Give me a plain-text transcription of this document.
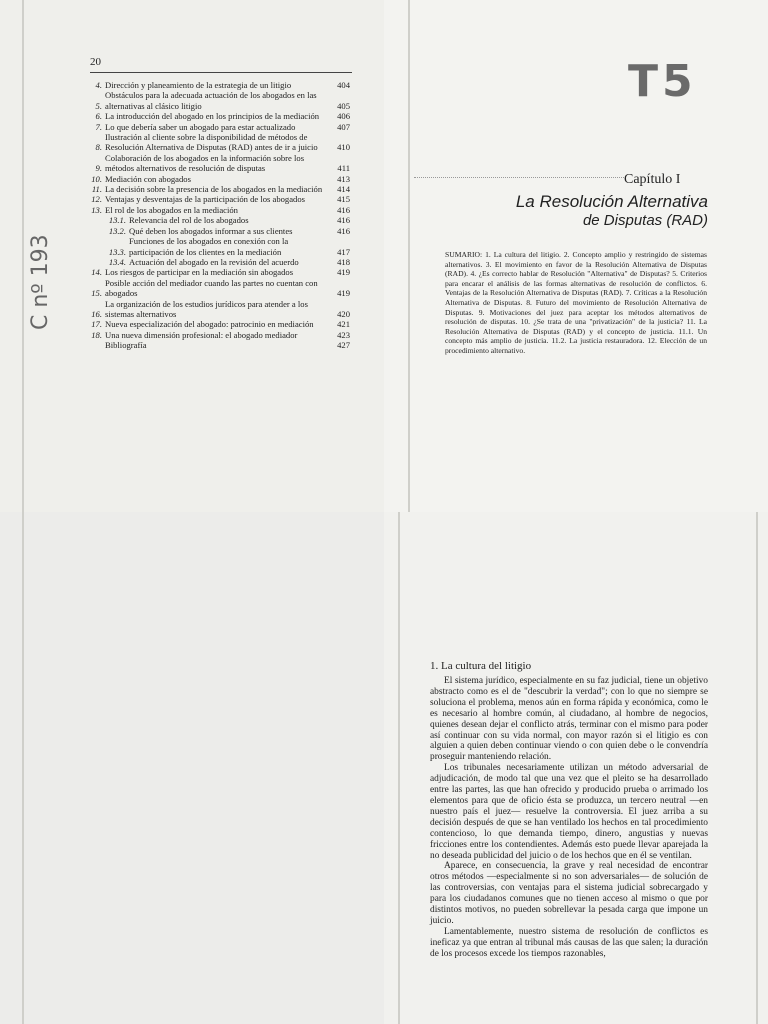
20
4. Dirección y planeamiento de la estrategia de un litigio	404
5.
Obstáculos para la adecuada actuación de los abogados en las alternativas al clásico litigio	405
6. La introducción del abogado en los principios de la mediación	406
7. Lo que debería saber un abogado para estar actualizado	407
8.
Ilustración al cliente sobre la disponibilidad de métodos de Resolución Alternativa de Disputas (RAD) antes de ir a juicio	410
9.
Colaboración de los abogados en la información sobre los métodos alternativos de resolución de disputas	411
10. Mediación con abogados	413
11. La decisión sobre la presencia de los abogados en la mediación	414
12. Ventajas y desventajas de la participación de los abogados	415
13. El rol de los abogados en la mediación	416
13.1. Relevancia del rol de los abogados	416
13.2. Qué deben los abogados informar a sus clientes	416
13.3.
Funciones de los abogados en conexión con la participación de los clientes en la mediación	417
13.4. Actuación del abogado en la revisión del acuerdo	418
14. Los riesgos de participar en la mediación sin abogados	419
15.
Posible acción del mediador cuando las partes no cuentan con abogados	419
16.
La organización de los estudios jurídicos para atender a los sistemas alternativos	420
17. Nueva especialización del abogado: patrocinio en mediación	421
18. Una nueva dimensión profesional: el abogado mediador	423
Bibliografía	427
C nº 193
T5
Capítulo I
La Resolución Alternativa
de Disputas (RAD)
SUMARIO: 1. La cultura del litigio. 2. Concepto amplio y restringido de sistemas alternativos. 3. El movimiento en favor de la Resolución Alternativa de Disputas (RAD). 4. ¿Es correcto hablar de Resolución "Alternativa" de Disputas? 5. Criterios para encarar el análisis de las formas alternativas de resolución de conflictos. 6. Ventajas de la Resolución Alternativa de Disputas (RAD). 7. Críticas a la Resolución Alternativa de Disputas. 8. Futuro del movimiento de Resolución Alternativa de Disputas. 9. Motivaciones del juez para aceptar los métodos alternativos de resolución de disputas. 10. ¿Se trata de una "privatización" de la justicia? 11. La Resolución Alternativa de Disputas (RAD) y el concepto de justicia. 11.1. Un concepto más amplio de justicia. 11.2. La justicia restauradora. 12. Elección de un procedimiento alternativo.
1. La cultura del litigio

El sistema jurídico, especialmente en su faz judicial, tiene un objetivo abstracto como es el de "descubrir la verdad"; con lo que no siempre se soluciona el problema, menos aún en forma rápida y económica, como le es necesario al hombre común, al ciudadano, al hombre de negocios, quienes desean dejar el conflicto atrás, terminar con el mismo para poder así continuar con su vida normal, con mayor razón si el litigio es con alguien a quien deben continuar viendo o con quien debe o le convendría proseguir manteniendo relación.

Los tribunales necesariamente utilizan un método adversarial de adjudicación, de modo tal que una vez que el pleito se ha desarrollado entre las partes, las que han ofrecido y producido prueba o arrimado los elementos para que de oficio ésta se produzca, un tercero neutral —en nuestro país el juez— resuelve la controversia. El juez arriba a su decisión después de que se han ventilado los hechos en tal procedimiento contencioso, lo que demanda tiempo, dinero, angustias y nuevas fricciones entre los contendientes. Además esto puede llevar aparejada la no deseada publicidad del juicio o de los hechos que en él se ventilan.

Aparece, en consecuencia, la grave y real necesidad de encontrar otros métodos —especialmente si no son adversariales— de solución de las controversias, con ventajas para el sistema judicial sobrecargado y para los ciudadanos comunes que no tienen acceso al mismo o que por distintos motivos, no pueden sobrellevar la pesada carga que impone un juicio.

Lamentablemente, nuestro sistema de resolución de conflictos es ineficaz ya que entran al tribunal más causas de las que salen; la duración de los procesos excede los tiempos razonables,
